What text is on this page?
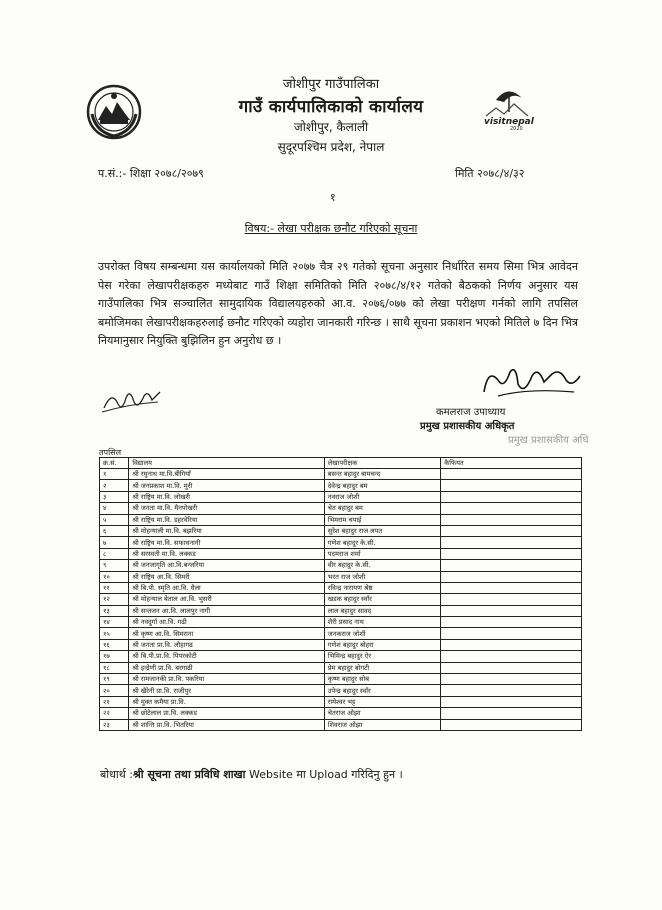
जोशीपुर गाउँपालिका
गाउँ कार्यपालिकाको कार्यालय
जोशीपुर, कैलाली
सुदूरपश्चिम प्रदेश, नेपाल
visitnepal
2020
प.सं.:- शिक्षा २०७८/२०७९	मिति २०७८/४/३२
१
विषय:- लेखा परीक्षक छनौट गरिएको सूचना
उपरोक्त विषय सम्बन्धमा यस कार्यालयको मिति २०७७ चैत्र २९ गतेको सूचना अनुसार निर्धारित समय सिमा भित्र आवेदन पेस गरेका लेखापरीक्षकहरु मध्येबाट गाउँ शिक्षा समितिको मिति २०७८/४/१२ गतेको बैठकको निर्णय अनुसार यस गाउँपालिका भित्र सञ्चालित सामुदायिक विद्यालयहरुको आ.व. २०७६/०७७ को लेखा परीक्षण गर्नको लागि तपसिल बमोजिमका लेखापरीक्षकहरुलाई छनौट गरिएको व्यहोरा जानकारी गरिन्छ । साथै सूचना प्रकाशन भएको मितिले ७ दिन भित्र नियमानुसार नियुक्ति बुझिलिन हुन अनुरोध छ ।
कमलराज उपाध्याय
प्रमुख प्रशासकीय अधिकृत
प्रमुख प्रशासकीय अधि
तपसिल
क्र.सं.	विद्यालय	लेखापरीक्षक	कैफियत
१	श्री रघुनाथ मा.वि.बीगियाँ	बसन्त बहादुर बामचन्द	
२	श्री जनप्रकाश मा.वि. मुरी	देवेन्द्र बहादुर बम	
३	श्री राष्ट्रिय मा.वि. लोखरी	नवराज जोशी	
४	श्री जनता मा.वि. मैनपोखरी	चेत बहादुर बम	
५	श्री राष्ट्रिय मा.वि. डहरवेरिया	भिमराम चपाई	
६	श्री मोहन्याली मा.वि. बझरिया	सुरेश बहादुर राज लपत	
७	श्री राष्ट्रिय मा.वि. सफाथनागी	गणेश बहादुर के.सी.	
८	श्री सरस्वती मा.वि. लक्कड	पदमराज शर्मा	
९	श्री जनजागृति आ.वि.बन्जरिया	वीर बहादुर के.सी.	
१०	श्री राष्ट्रिय आ.वि. सिमरी	भरत राज जोशी	
११	श्री बि.पी. स्मृति आ.वि. धैला	रविन्द्र नारायण श्रेष्ठ	
१२	श्री मोहन्याल बेताल आ.वि. भुसरी	खडक बहादुर स्वाँर	
१३	श्री सन्तजन आ.वि. लालपुर नागी	लाल बहादुर सावद	
१४	श्री नवदुर्गा आ.वि. गढी	शैरी प्रसाद नाथ	
१५	श्री कृष्ण आ.वि. सिमराना	जनकराज जोशी	
१६	श्री जनता प्रा.वि. लौहागढ	गणेश बहादुर बोहरा	
१७	श्री बि.पी.प्रा.वि. पिपरकोटी	भिमिन्द्र बहादुर ऐर	
१८	श्री इन्द्रेणी प्रा.वि. बरगाढी	प्रेम बहादुर बोगटी	
१९	श्री रामजानकी प्रा.वि. पकरिया	कृष्ण बहादुर सोब	
२०	श्री खैरेनी प्रा.वि. राजीपुर	उपेन्द्र बहादुर स्वाँर	
२१	श्री मुक्त कमैया प्रा.वि.	रामेश्वर भट्ट	
२२	श्री छोटेलाल प्रा.वि. लक्कड	चेतराज ओझा	
२३	श्री शान्ति प्रा.वि. भितरिया	शिवराज ओझा	
बोधार्थ :श्री सूचना तथा प्रविधि शाखा Website मा Upload गरिदिनु हुन ।
